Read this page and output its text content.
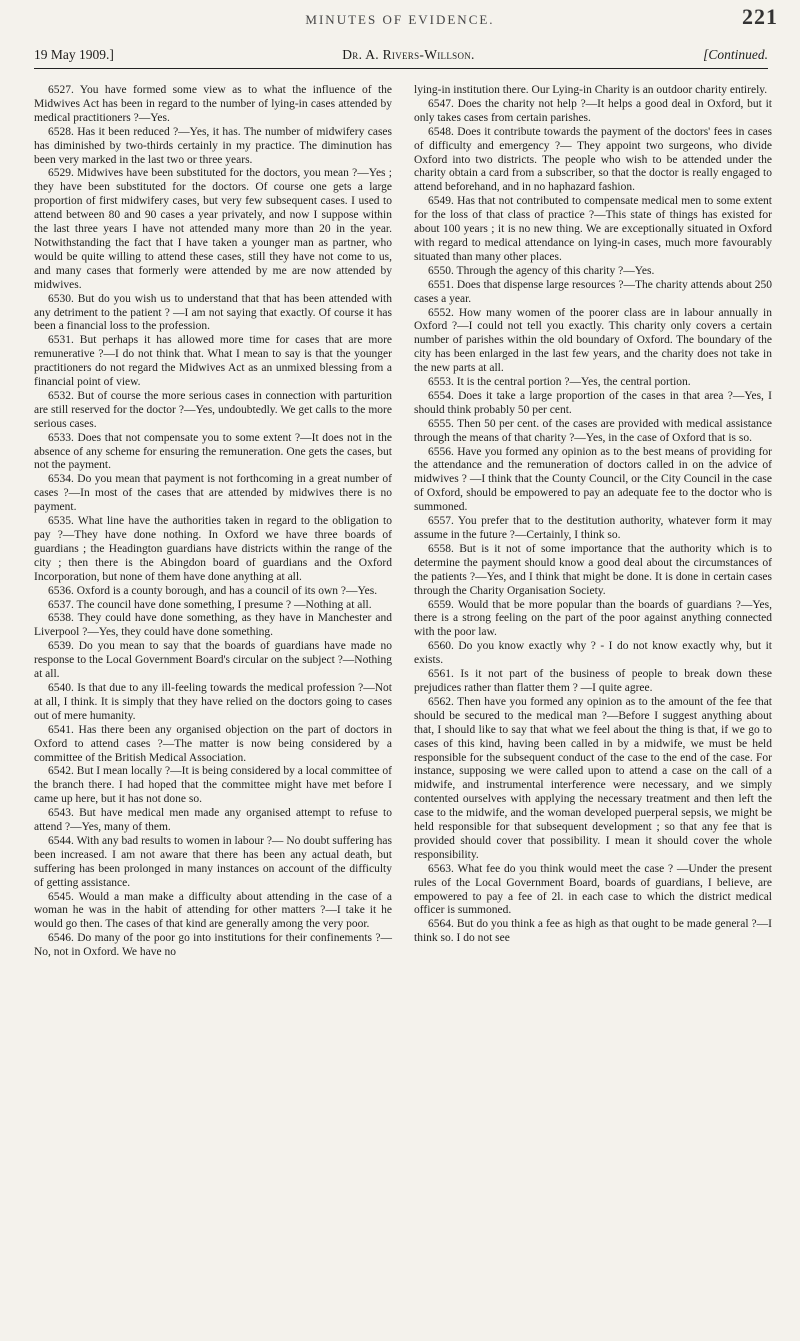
MINUTES OF EVIDENCE.	221
19 May 1909.]	Dr. A. Rivers-Willson.	[Continued.

6527. You have formed some view as to what the influence of the Midwives Act has been in regard to the number of lying-in cases attended by medical practitioners ?—Yes.

6528. Has it been reduced ?—Yes, it has. The number of midwifery cases has diminished by two-thirds certainly in my practice. The diminution has been very marked in the last two or three years.

6529. Midwives have been substituted for the doctors, you mean ?—Yes ; they have been substituted for the doctors. Of course one gets a large proportion of first midwifery cases, but very few subsequent cases. I used to attend between 80 and 90 cases a year privately, and now I suppose within the last three years I have not attended many more than 20 in the year. Notwithstanding the fact that I have taken a younger man as partner, who would be quite willing to attend these cases, still they have not come to us, and many cases that formerly were attended by me are now attended by midwives.

6530. But do you wish us to understand that that has been attended with any detriment to the patient ? —I am not saying that exactly. Of course it has been a financial loss to the profession.

6531. But perhaps it has allowed more time for cases that are more remunerative ?—I do not think that. What I mean to say is that the younger practitioners do not regard the Midwives Act as an unmixed blessing from a financial point of view.

6532. But of course the more serious cases in connection with parturition are still reserved for the doctor ?—Yes, undoubtedly. We get calls to the more serious cases.

6533. Does that not compensate you to some extent ?—It does not in the absence of any scheme for ensuring the remuneration. One gets the cases, but not the payment.

6534. Do you mean that payment is not forthcoming in a great number of cases ?—In most of the cases that are attended by midwives there is no payment.

6535. What line have the authorities taken in regard to the obligation to pay ?—They have done nothing. In Oxford we have three boards of guardians ; the Headington guardians have districts within the range of the city ; then there is the Abingdon board of guardians and the Oxford Incorporation, but none of them have done anything at all.

6536. Oxford is a county borough, and has a council of its own ?—Yes.

6537. The council have done something, I presume ? —Nothing at all.

6538. They could have done something, as they have in Manchester and Liverpool ?—Yes, they could have done something.

6539. Do you mean to say that the boards of guardians have made no response to the Local Government Board's circular on the subject ?—Nothing at all.

6540. Is that due to any ill-feeling towards the medical profession ?—Not at all, I think. It is simply that they have relied on the doctors going to cases out of mere humanity.

6541. Has there been any organised objection on the part of doctors in Oxford to attend cases ?—The matter is now being considered by a committee of the British Medical Association.

6542. But I mean locally ?—It is being considered by a local committee of the branch there. I had hoped that the committee might have met before I came up here, but it has not done so.

6543. But have medical men made any organised attempt to refuse to attend ?—Yes, many of them.

6544. With any bad results to women in labour ?— No doubt suffering has been increased. I am not aware that there has been any actual death, but suffering has been prolonged in many instances on account of the difficulty of getting assistance.

6545. Would a man make a difficulty about attending in the case of a woman he was in the habit of attending for other matters ?—I take it he would go then. The cases of that kind are generally among the very poor.

6546. Do many of the poor go into institutions for their confinements ?—No, not in Oxford. We have no

lying-in institution there. Our Lying-in Charity is an outdoor charity entirely.

6547. Does the charity not help ?—It helps a good deal in Oxford, but it only takes cases from certain parishes.

6548. Does it contribute towards the payment of the doctors' fees in cases of difficulty and emergency ?— They appoint two surgeons, who divide Oxford into two districts. The people who wish to be attended under the charity obtain a card from a subscriber, so that the doctor is really engaged to attend beforehand, and in no haphazard fashion.

6549. Has that not contributed to compensate medical men to some extent for the loss of that class of practice ?—This state of things has existed for about 100 years ; it is no new thing. We are exceptionally situated in Oxford with regard to medical attendance on lying-in cases, much more favourably situated than many other places.

6550. Through the agency of this charity ?—Yes.

6551. Does that dispense large resources ?—The charity attends about 250 cases a year.

6552. How many women of the poorer class are in labour annually in Oxford ?—I could not tell you exactly. This charity only covers a certain number of parishes within the old boundary of Oxford. The boundary of the city has been enlarged in the last few years, and the charity does not take in the new parts at all.

6553. It is the central portion ?—Yes, the central portion.

6554. Does it take a large proportion of the cases in that area ?—Yes, I should think probably 50 per cent.

6555. Then 50 per cent. of the cases are provided with medical assistance through the means of that charity ?—Yes, in the case of Oxford that is so.

6556. Have you formed any opinion as to the best means of providing for the attendance and the remuneration of doctors called in on the advice of midwives ? —I think that the County Council, or the City Council in the case of Oxford, should be empowered to pay an adequate fee to the doctor who is summoned.

6557. You prefer that to the destitution authority, whatever form it may assume in the future ?—Certainly, I think so.

6558. But is it not of some importance that the authority which is to determine the payment should know a good deal about the circumstances of the patients ?—Yes, and I think that might be done. It is done in certain cases through the Charity Organisation Society.

6559. Would that be more popular than the boards of guardians ?—Yes, there is a strong feeling on the part of the poor against anything connected with the poor law.

6560. Do you know exactly why ? - I do not know exactly why, but it exists.

6561. Is it not part of the business of people to break down these prejudices rather than flatter them ? —I quite agree.

6562. Then have you formed any opinion as to the amount of the fee that should be secured to the medical man ?—Before I suggest anything about that, I should like to say that what we feel about the thing is that, if we go to cases of this kind, having been called in by a midwife, we must be held responsible for the subsequent conduct of the case to the end of the case. For instance, supposing we were called upon to attend a case on the call of a midwife, and instrumental interference were necessary, and we simply contented ourselves with applying the necessary treatment and then left the case to the midwife, and the woman developed puerperal sepsis, we might be held responsible for that subsequent development ; so that any fee that is provided should cover that possibility. I mean it should cover the whole responsibility.

6563. What fee do you think would meet the case ? —Under the present rules of the Local Government Board, boards of guardians, I believe, are empowered to pay a fee of 2l. in each case to which the district medical officer is summoned.

6564. But do you think a fee as high as that ought to be made general ?—I think so. I do not see
